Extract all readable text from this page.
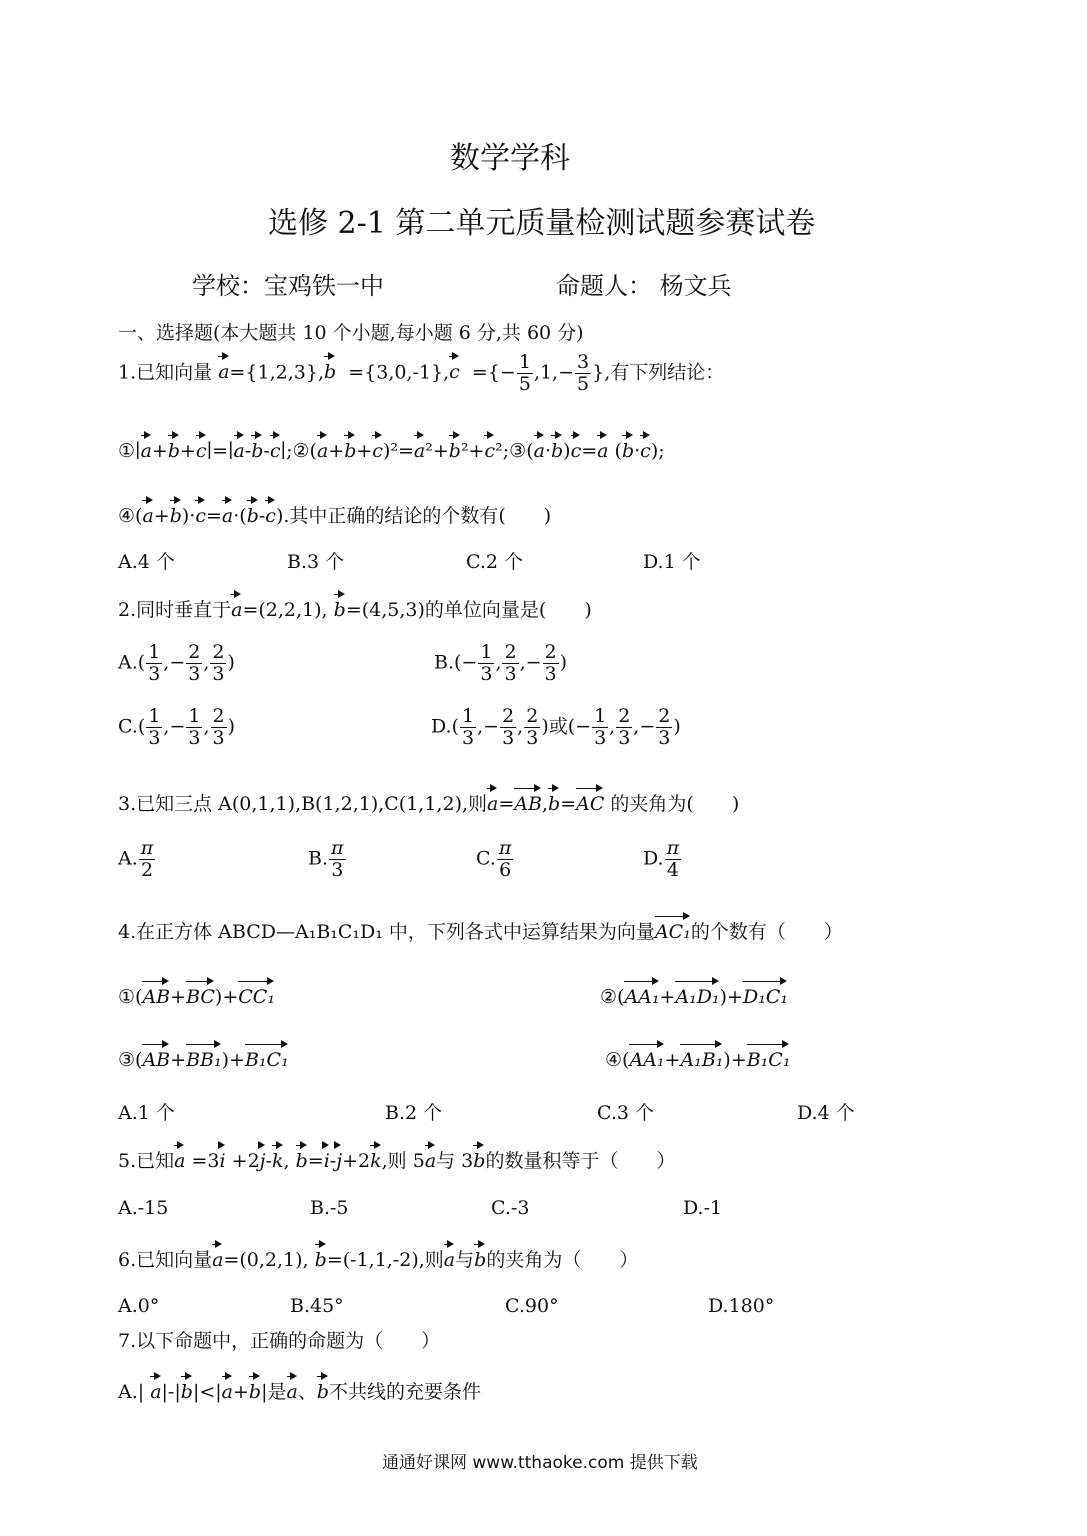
数学学科
选修 2-1 第二单元质量检测试题参赛试卷
学校：宝鸡铁一中	命题人： 杨文兵
一、选择题(本大题共 10 个小题,每小题 6 分,共 60 分)
1.已知向量 a={1,2,3},b  ={3,0,-1},c  ={− $\frac{1}{5} ,1,- \frac{3}{5}$ },有下列结论：
①∣a+b+c∣=∣a-b-c∣;②(a+b+c)²=a²+b²+c²;③(a·b)c=a (b·c);
④(a+b)·c=a·(b-c).其中正确的结论的个数有(　　)
A.4 个	B.3 个	C.2 个	D.1 个
2.同时垂直于a=(2,2,1), b=(4,5,3)的单位向量是(　　)
$A.( \frac{1}{3}$ ,− $\frac{2}{3}$ , $\frac{2}{3}$ )	$B.(- \frac{1}{3}$ , $\frac{2}{3}$ ,− $\frac{2}{3}$ )
$C.( \frac{1}{3}$ ,− $\frac{1}{3}$ , $\frac{2}{3}$ )	$D.( \frac{1}{3}$ ,− $\frac{2}{3}$ , $\frac{2}{3}$ )或(− $\frac{1}{3}$ , $\frac{2}{3}$ ,− $\frac{2}{3}$ )
3.已知三点 A(0,1,1),B(1,2,1),C(1,1,2),则a=AB,b=AC 的夹角为(　　)
A. $\frac{\pi}{2}$	B. $\frac{\pi}{3}$	C. $\frac{\pi}{6}$	D. $\frac{\pi}{4}$
4.在正方体 ABCD—A₁B₁C₁D₁ 中，下列各式中运算结果为向量AC₁的个数有（　　）
①(AB+BC)+CC₁	②(AA₁+A₁D₁)+D₁C₁
③(AB+BB₁)+B₁C₁	④(AA₁+A₁B₁)+B₁C₁
A.1 个	B.2 个	C.3 个	D.4 个
5.已知a =3i +2j-k, b=i-j+2k,则 5a与 3b的数量积等于（　　）
A.-15	B.-5	C.-3	D.-1
6.已知向量a=(0,2,1), b=(-1,1,-2),则a与b的夹角为（　　）
A.0°	B.45°	C.90°	D.180°
7.以下命题中，正确的命题为（　　）
A.| a|-|b|<|a+b|是a、b不共线的充要条件
通通好课网 www.tthaoke.com 提供下载
